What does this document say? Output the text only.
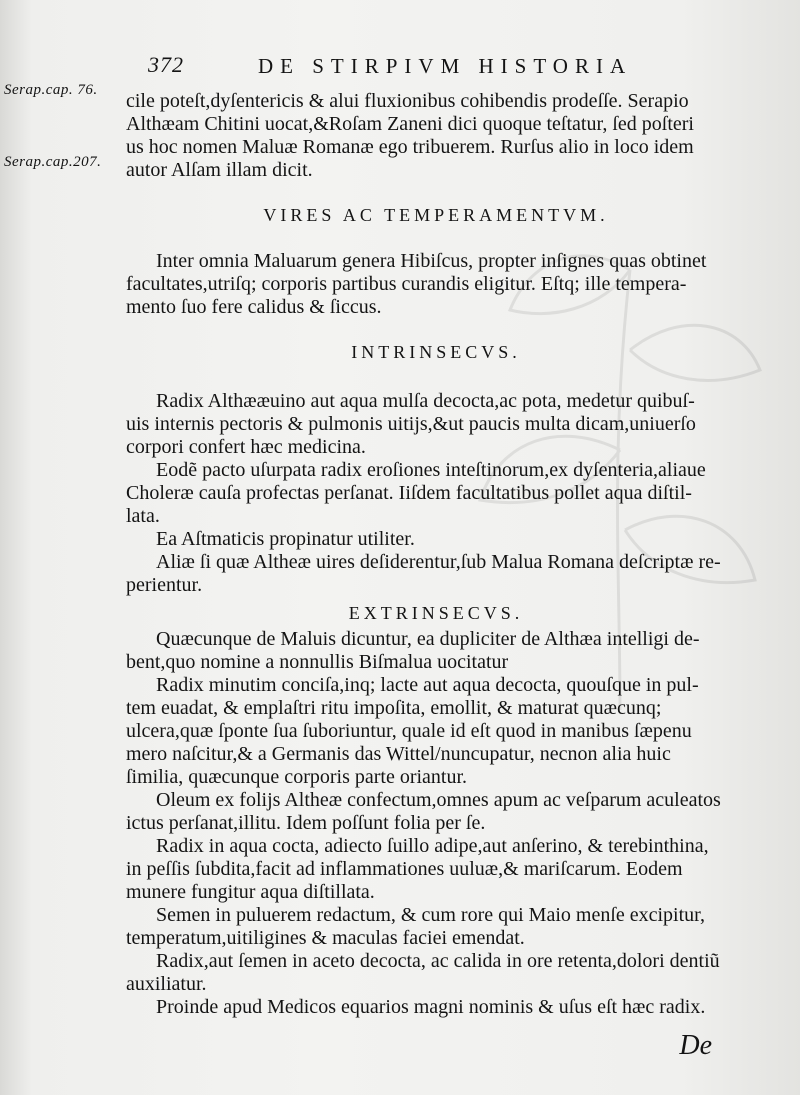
372	DE STIRPIVM HISTORIA
Serap.cap. 76.
Serap.cap.207.
cile poteſt,dyſentericis & alui fluxionibus cohibendis prodeſſe. Serapio
Althæam Chitini uocat,&Roſam Zaneni dici quoque teſtatur, ſed poſteri
us hoc nomen Maluæ Romanæ ego tribuerem. Rurſus alio in loco idem
autor Alſam illam dicit.
VIRES AC TEMPERAMENTVM.
Inter omnia Maluarum genera Hibiſcus, propter inſignes quas obtinet
facultates,utriſq; corporis partibus curandis eligitur. Eſtq; ille tempera-
mento ſuo fere calidus & ſiccus.
INTRINSECVS.
Radix Althææuino aut aqua mulſa decocta,ac pota, medetur quibuſ-
uis internis pectoris & pulmonis uitijs,&ut paucis multa dicam,uniuerſo
corpori confert hæc medicina.
Eodẽ pacto uſurpata radix eroſiones inteſtinorum,ex dyſenteria,aliaue
Choleræ cauſa profectas perſanat. Iiſdem facultatibus pollet aqua diſtil-
lata.
Ea Aſtmaticis propinatur utiliter.
Aliæ ſi quæ Altheæ uires deſiderentur,ſub Malua Romana deſcriptæ re-
perientur.
EXTRINSECVS.
Quæcunque de Maluis dicuntur, ea dupliciter de Althæa intelligi de-
bent,quo nomine a nonnullis Biſmalua uocitatur
Radix minutim conciſa,inq; lacte aut aqua decocta, quouſque in pul-
tem euadat, & emplaſtri ritu impoſita, emollit, & maturat quæcunq;
ulcera,quæ ſponte ſua ſuboriuntur, quale id eſt quod in manibus ſæpenu
mero naſcitur,& a Germanis das Wittel/nuncupatur, necnon alia huic
ſimilia, quæcunque corporis parte oriantur.
Oleum ex folijs Altheæ confectum,omnes apum ac veſparum aculeatos
ictus perſanat,illitu. Idem poſſunt folia per ſe.
Radix in aqua cocta, adiecto ſuillo adipe,aut anſerino, & terebinthina,
in peſſis ſubdita,facit ad inflammationes uuluæ,& mariſcarum. Eodem
munere fungitur aqua diſtillata.
Semen in puluerem redactum, & cum rore qui Maio menſe excipitur,
temperatum,uitiligines & maculas faciei emendat.
Radix,aut ſemen in aceto decocta, ac calida in ore retenta,dolori dentiũ
auxiliatur.
Proinde apud Medicos equarios magni nominis & uſus eſt hæc radix.
De
